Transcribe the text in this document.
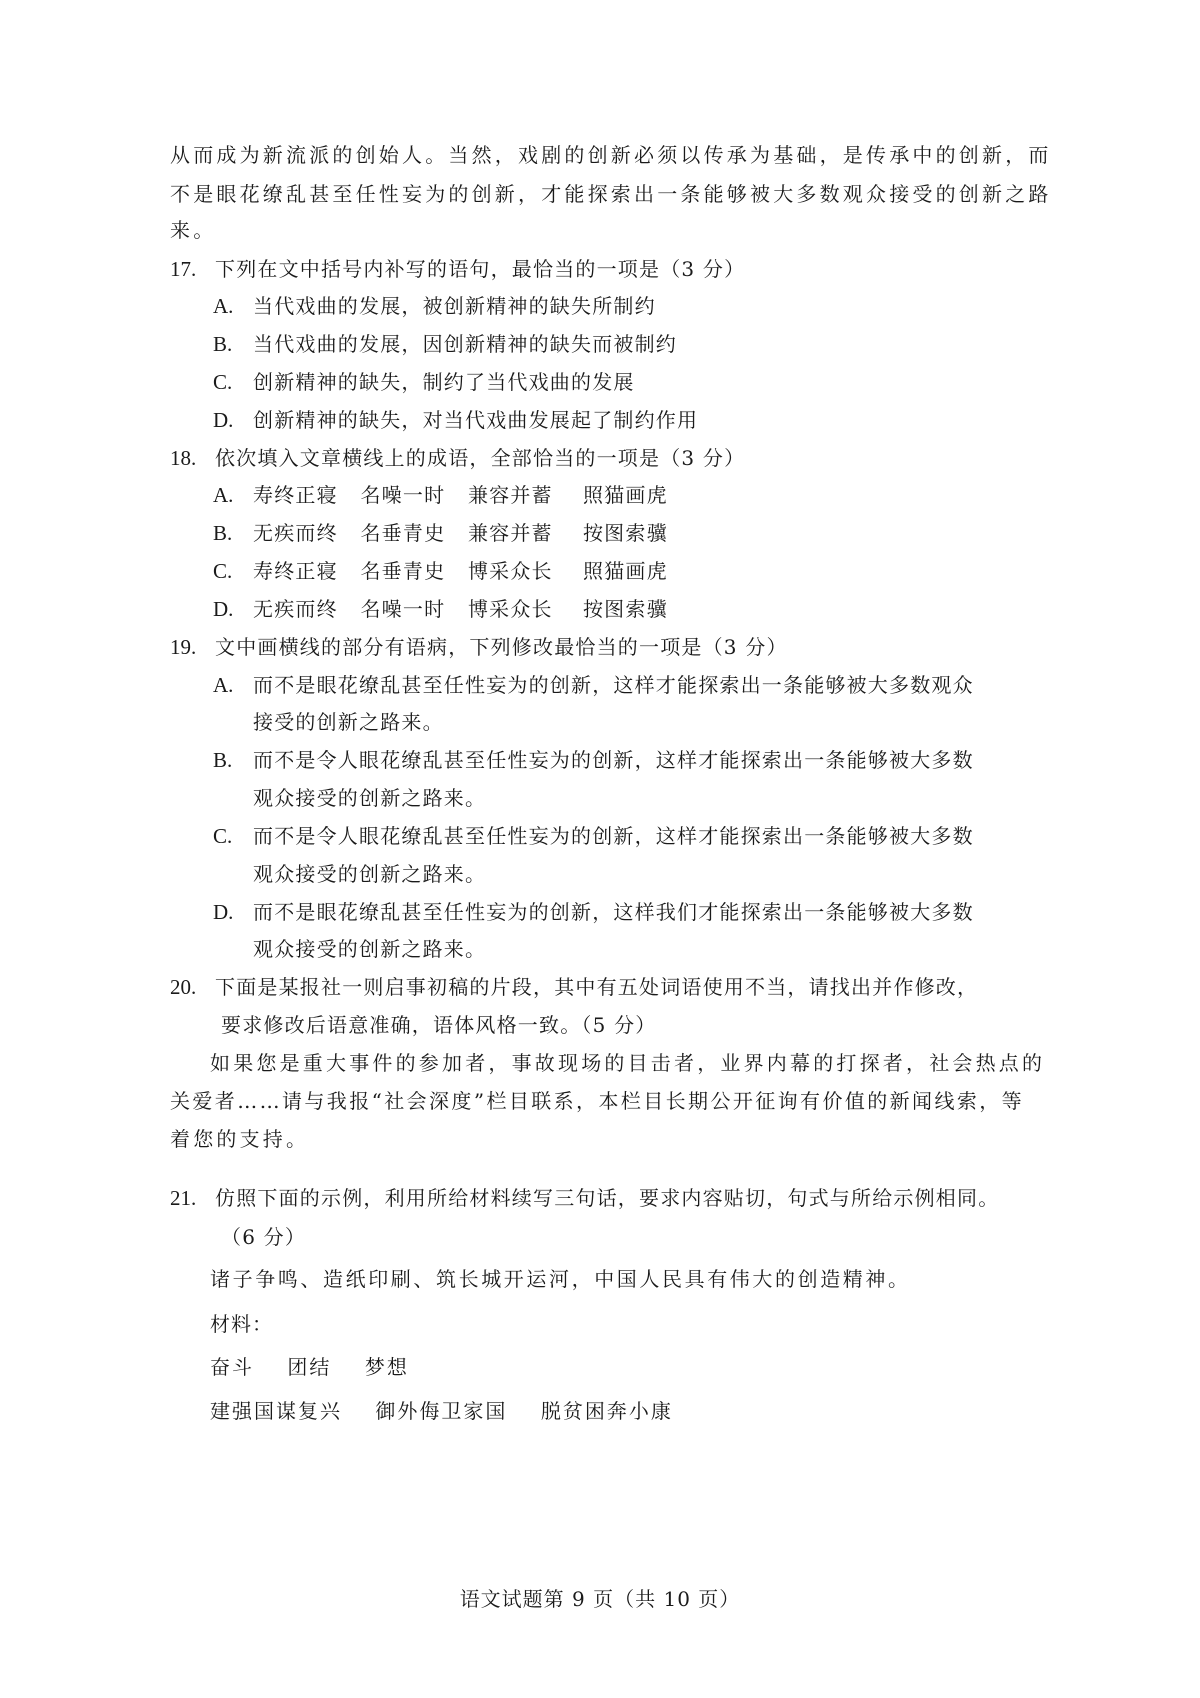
从而成为新流派的创始人。当然，戏剧的创新必须以传承为基础，是传承中的创新，而
不是眼花缭乱甚至任性妄为的创新，才能探索出一条能够被大多数观众接受的创新之路
来。
17. 下列在文中括号内补写的语句，最恰当的一项是（3 分）
A. 当代戏曲的发展，被创新精神的缺失所制约
B. 当代戏曲的发展，因创新精神的缺失而被制约
C. 创新精神的缺失，制约了当代戏曲的发展
D. 创新精神的缺失，对当代戏曲发展起了制约作用
18. 依次填入文章横线上的成语，全部恰当的一项是（3 分）
A. 寿终正寝   名噪一时   兼容并蓄    照猫画虎
B. 无疾而终   名垂青史   兼容并蓄    按图索骥
C. 寿终正寝   名垂青史   博采众长    照猫画虎
D. 无疾而终   名噪一时   博采众长    按图索骥
19. 文中画横线的部分有语病，下列修改最恰当的一项是（3 分）
A. 而不是眼花缭乱甚至任性妄为的创新，这样才能探索出一条能够被大多数观众
接受的创新之路来。
B. 而不是令人眼花缭乱甚至任性妄为的创新，这样才能探索出一条能够被大多数
观众接受的创新之路来。
C. 而不是令人眼花缭乱甚至任性妄为的创新，这样才能探索出一条能够被大多数
观众接受的创新之路来。
D. 而不是眼花缭乱甚至任性妄为的创新，这样我们才能探索出一条能够被大多数
观众接受的创新之路来。
20. 下面是某报社一则启事初稿的片段，其中有五处词语使用不当，请找出并作修改，
要求修改后语意准确，语体风格一致。（5 分）
如果您是重大事件的参加者，事故现场的目击者，业界内幕的打探者，社会热点的
关爱者……请与我报“社会深度”栏目联系，本栏目长期公开征询有价值的新闻线索，等
着您的支持。
21. 仿照下面的示例，利用所给材料续写三句话，要求内容贴切，句式与所给示例相同。
（6 分）
诸子争鸣、造纸印刷、筑长城开运河，中国人民具有伟大的创造精神。
材料：
奋斗    团结    梦想
建强国谋复兴    御外侮卫家国    脱贫困奔小康
语文试题第 9 页（共 10 页）
